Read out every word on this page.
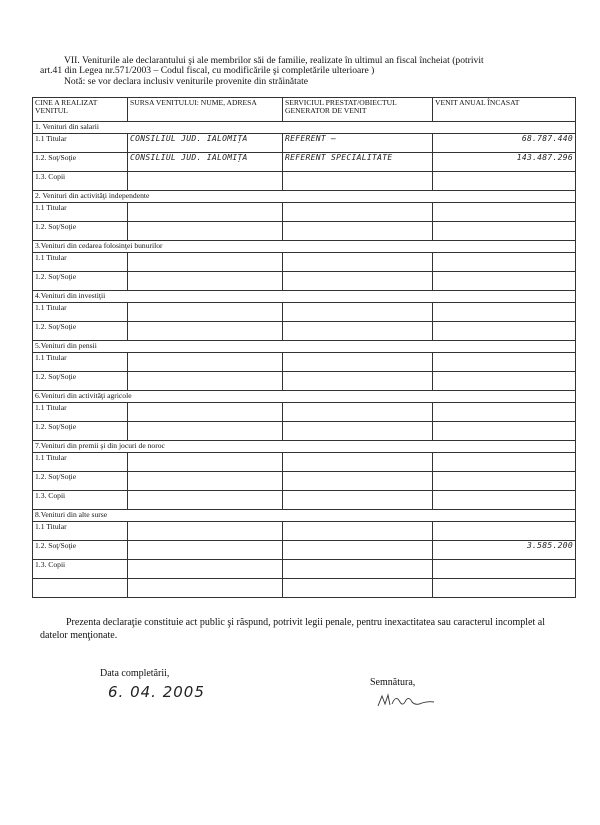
VII. Veniturile ale declarantului şi ale membrilor săi de familie, realizate în ultimul an fiscal încheiat (potrivit
art.41 din Legea nr.571/2003 – Codul fiscal, cu modificările şi completările ulterioare )
Notă: se vor declara inclusiv veniturile provenite din străinătate
CINE A REALIZAT VENITUL	SURSA VENITULUI: NUME, ADRESA	SERVICIUL PRESTAT/OBIECTUL GENERATOR DE VENIT	VENIT ANUAL ÎNCASAT
1. Venituri din salarii			
1.1 Titular	CONSILIUL JUD. IALOMIȚA	REFERENT –	68.787.440
1.2. Soţ/Soţie	CONSILIUL JUD. IALOMIȚA	REFERENT SPECIALITATE	143.487.296
1.3. Copii			
2. Venituri din activităţi independente			
1.1 Titular			
1.2. Soţ/Soţie			
3.Venituri din cedarea folosinţei bunurilor			
1.1 Titular			
1.2. Soţ/Soţie			
4.Venituri din investiţii			
1.1 Titular			
1.2. Soţ/Soţie			
5.Venituri din pensii			
1.1 Titular			
1.2. Soţ/Soţie			
6.Venituri din activităţi agricole			
1.1 Titular			
1.2. Soţ/Soţie			
7.Venituri din premii şi din jocuri de noroc			
1.1 Titular			
1.2. Soţ/Soţie			
1.3. Copii			
8.Venituri din alte surse			
1.1 Titular			
1.2. Soţ/Soţie			3.585.200
1.3. Copii			

Prezenta declaraţie constituie act public şi răspund, potrivit legii penale, pentru inexactitatea sau caracterul incomplet al datelor menţionate.
Data completării,
6. 04. 2005
Semnătura,
